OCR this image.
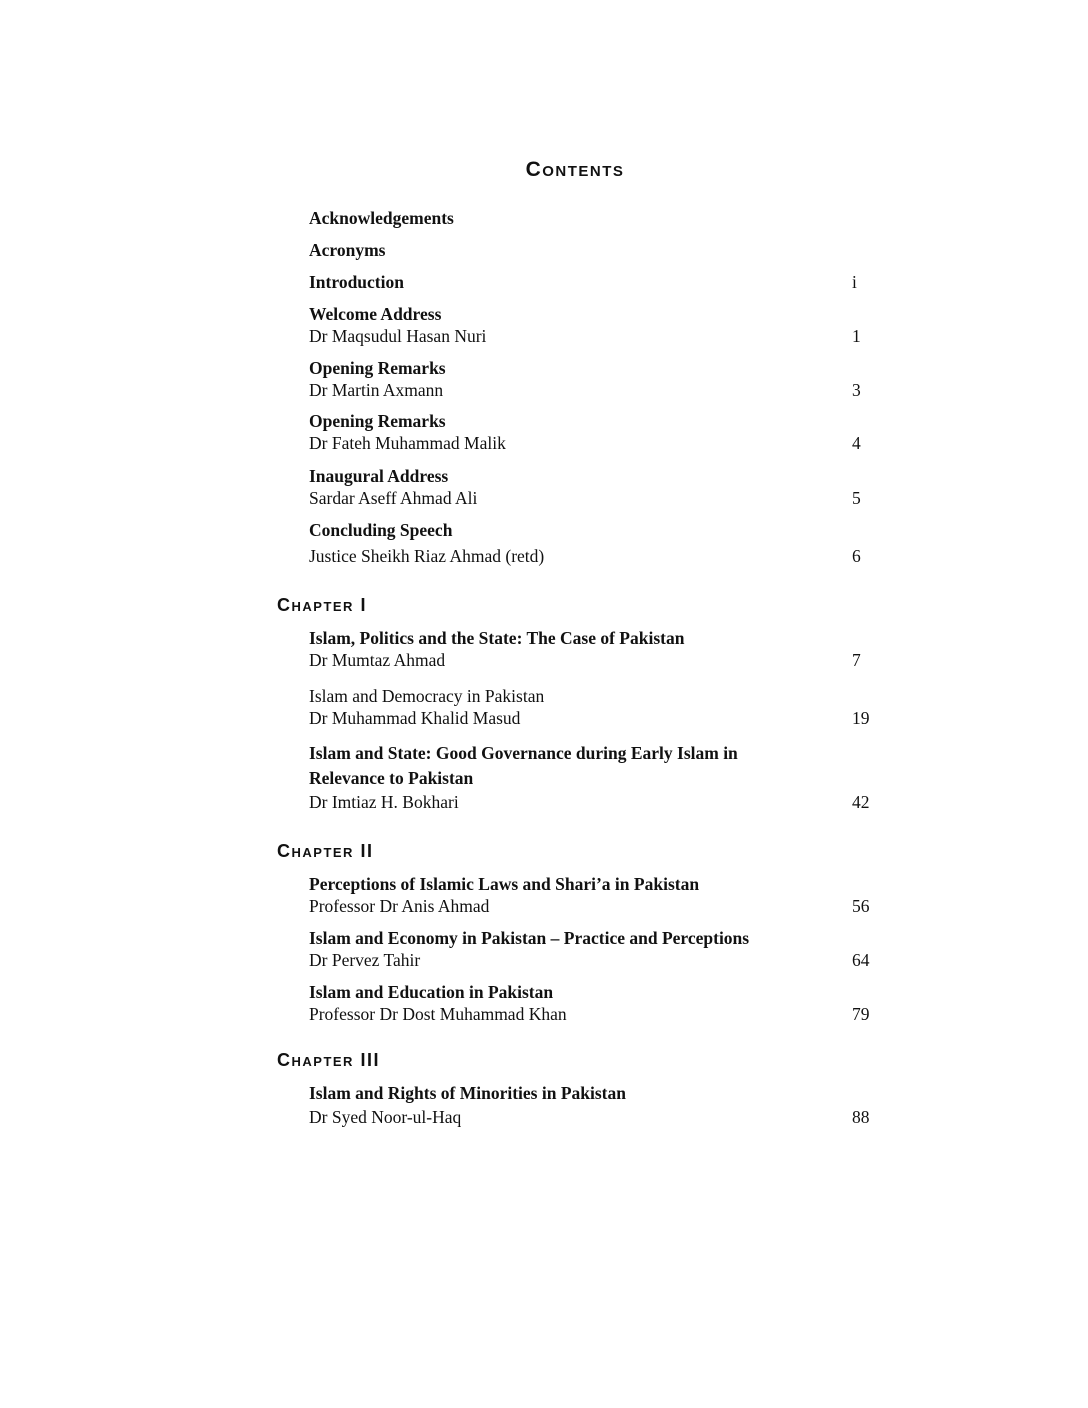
Contents
Acknowledgements
Acronyms
Introduction	i
Welcome Address
Dr Maqsudul Hasan Nuri	1
Opening Remarks
Dr Martin Axmann	3
Opening Remarks
Dr Fateh Muhammad Malik	4
Inaugural Address
Sardar Aseff Ahmad Ali	5
Concluding Speech
Justice Sheikh Riaz Ahmad (retd)	6
Chapter I
Islam, Politics and the State: The Case of Pakistan
Dr Mumtaz Ahmad	7
Islam and Democracy in Pakistan
Dr Muhammad Khalid Masud	19
Islam and State: Good Governance during Early Islam in
Relevance to Pakistan
Dr Imtiaz H. Bokhari	42
Chapter II
Perceptions of Islamic Laws and Shari’a in Pakistan
Professor Dr Anis Ahmad	56
Islam and Economy in Pakistan – Practice and Perceptions
Dr Pervez Tahir	64
Islam and Education in Pakistan
Professor Dr Dost Muhammad Khan	79
Chapter III
Islam and Rights of Minorities in Pakistan
Dr Syed Noor-ul-Haq	88
